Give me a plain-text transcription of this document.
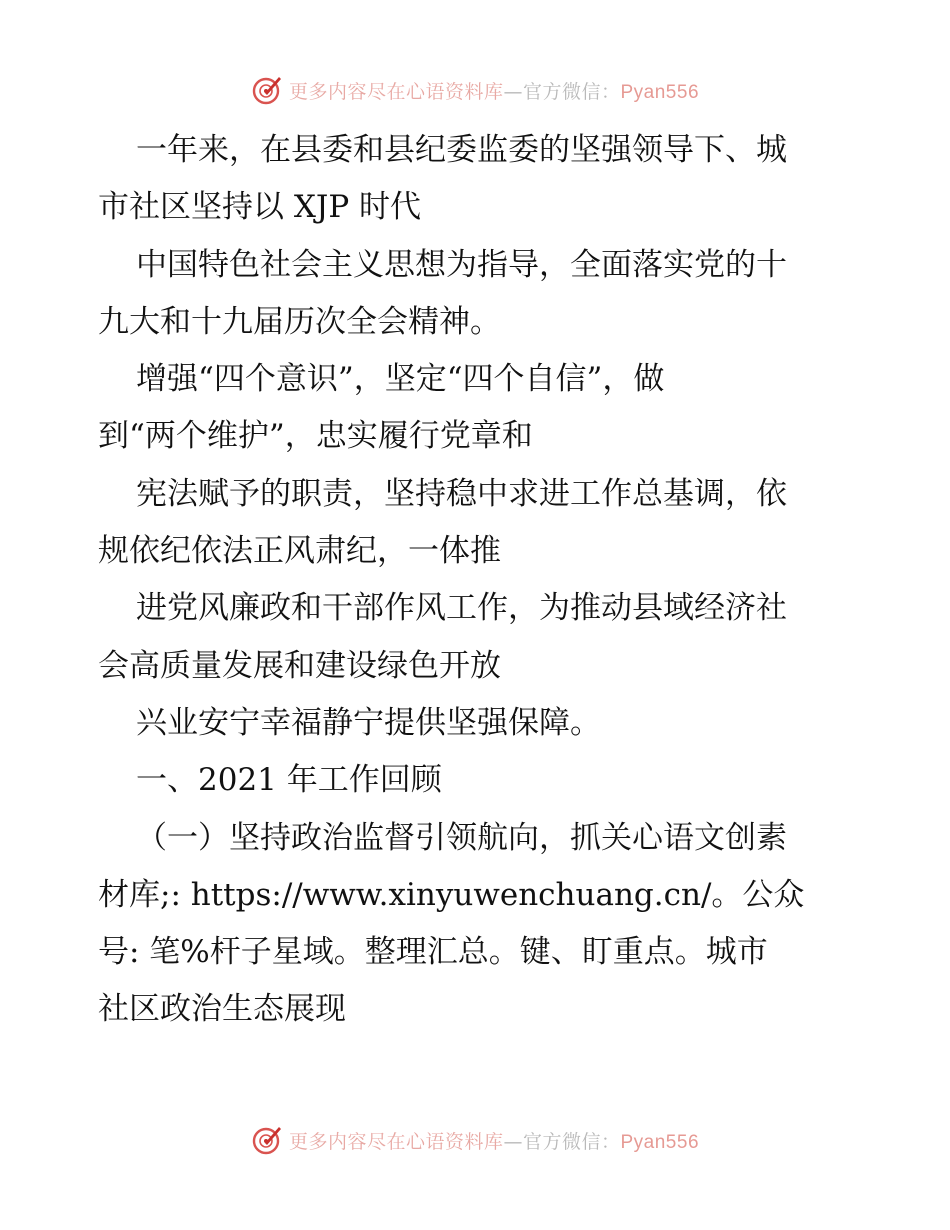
更多内容尽在心语资料库—官方微信：Pyan556
一年来，在县委和县纪委监委的坚强领导下、城
市社区坚持以 XJP 时代
中国特色社会主义思想为指导，全面落实党的十
九大和十九届历次全会精神。
增强“四个意识”，坚定“四个自信”，做
到“两个维护”，忠实履行党章和
宪法赋予的职责，坚持稳中求进工作总基调，依
规依纪依法正风肃纪，一体推
进党风廉政和干部作风工作，为推动县域经济社
会高质量发展和建设绿色开放
兴业安宁幸福静宁提供坚强保障。
一、2021 年工作回顾
（一）坚持政治监督引领航向，抓关心语文创素
材库;: https://www.xinyuwenchuang.cn/。公众
号: 笔%杆子星域。整理汇总。键、盯重点。城市
社区政治生态展现
更多内容尽在心语资料库—官方微信：Pyan556
